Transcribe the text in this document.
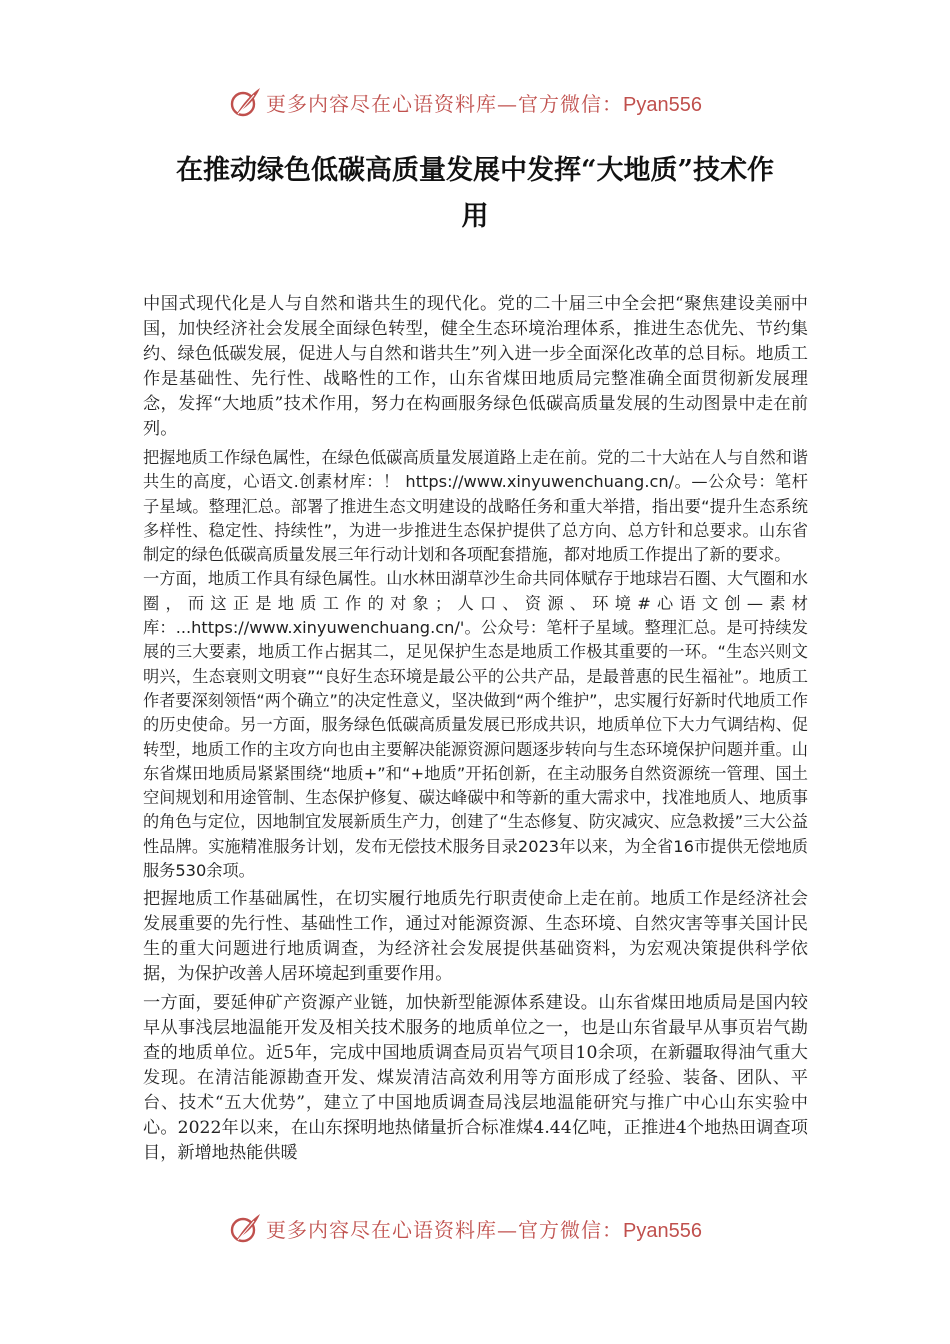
更多内容尽在心语资料库—官方微信：Pyan556
在推动绿色低碳高质量发展中发挥“大地质”技术作
用

中国式现代化是人与自然和谐共生的现代化。党的二十届三中全会把“聚焦建设美丽中国，加快经济社会发展全面绿色转型，健全生态环境治理体系，推进生态优先、节约集约、绿色低碳发展，促进人与自然和谐共生”列入进一步全面深化改革的总目标。地质工作是基础性、先行性、战略性的工作，山东省煤田地质局完整准确全面贯彻新发展理念，发挥“大地质”技术作用，努力在构画服务绿色低碳高质量发展的生动图景中走在前列。

把握地质工作绿色属性，在绿色低碳高质量发展道路上走在前。党的二十大站在人与自然和谐共生的高度，心语文.创素材库：！ https://www.xinyuwenchuang.cn/。—公众号：笔杆子星域。整理汇总。部署了推进生态文明建设的战略任务和重大举措，指出要“提升生态系统多样性、稳定性、持续性”，为进一步推进生态保护提供了总方向、总方针和总要求。山东省制定的绿色低碳高质量发展三年行动计划和各项配套措施，都对地质工作提出了新的要求。

一方面，地质工作具有绿色属性。山水林田湖草沙生命共同体赋存于地球岩石圈、大气圈和水圈，而这正是地质工作的对象；人口、资源、环境#心语文创—素材库：...https://www.xinyuwenchuang.cn/'。公众号：笔杆子星域。整理汇总。是可持续发展的三大要素，地质工作占据其二，足见保护生态是地质工作极其重要的一环。“生态兴则文明兴，生态衰则文明衰”“良好生态环境是最公平的公共产品，是最普惠的民生福祉”。地质工作者要深刻领悟“两个确立”的决定性意义，坚决做到“两个维护”，忠实履行好新时代地质工作的历史使命。另一方面，服务绿色低碳高质量发展已形成共识，地质单位下大力气调结构、促转型，地质工作的主攻方向也由主要解决能源资源问题逐步转向与生态环境保护问题并重。山东省煤田地质局紧紧围绕“地质+”和“+地质”开拓创新，在主动服务自然资源统一管理、国土空间规划和用途管制、生态保护修复、碳达峰碳中和等新的重大需求中，找准地质人、地质事的角色与定位，因地制宜发展新质生产力，创建了“生态修复、防灾减灾、应急救援”三大公益性品牌。实施精准服务计划，发布无偿技术服务目录2023年以来，为全省16市提供无偿地质服务530余项。

把握地质工作基础属性，在切实履行地质先行职责使命上走在前。地质工作是经济社会发展重要的先行性、基础性工作，通过对能源资源、生态环境、自然灾害等事关国计民生的重大问题进行地质调查，为经济社会发展提供基础资料，为宏观决策提供科学依据，为保护改善人居环境起到重要作用。

一方面，要延伸矿产资源产业链，加快新型能源体系建设。山东省煤田地质局是国内较早从事浅层地温能开发及相关技术服务的地质单位之一，也是山东省最早从事页岩气勘查的地质单位。近5年，完成中国地质调查局页岩气项目10余项，在新疆取得油气重大发现。在清洁能源勘查开发、煤炭清洁高效利用等方面形成了经验、装备、团队、平台、技术“五大优势”，建立了中国地质调查局浅层地温能研究与推广中心山东实验中心。2022年以来，在山东探明地热储量折合标准煤4.44亿吨，正推进4个地热田调查项目，新增地热能供暖

更多内容尽在心语资料库—官方微信：Pyan556
